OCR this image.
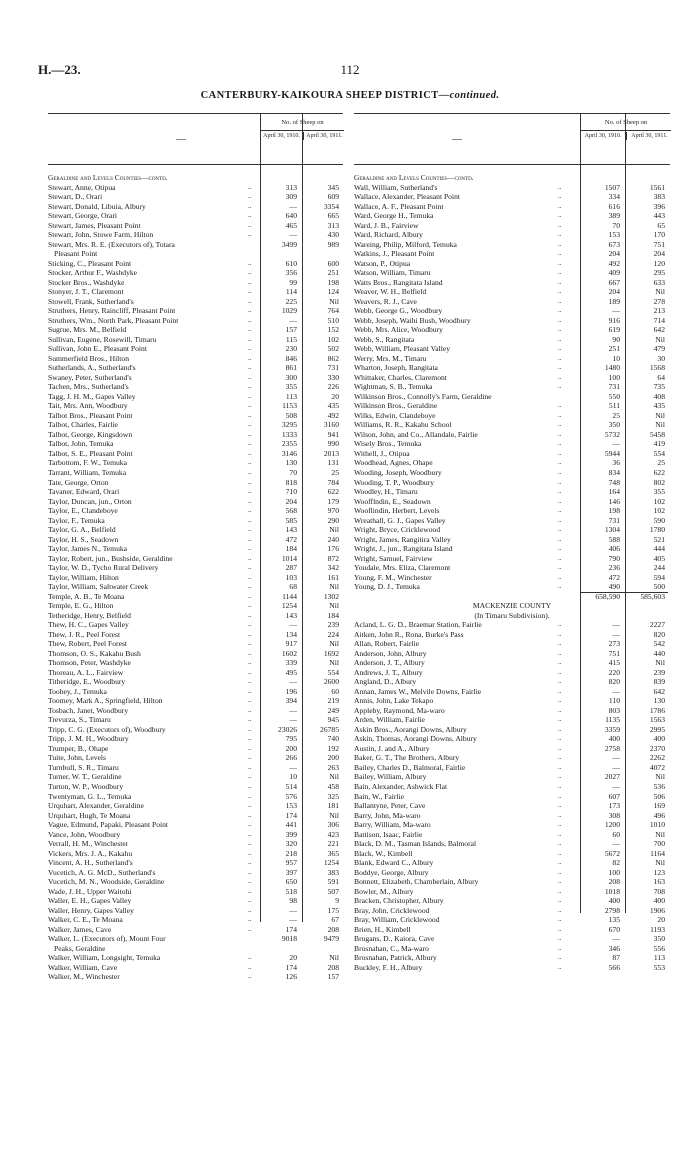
H.—23.	112
CANTERBURY-KAIKOURA SHEEP DISTRICT—continued.
—
No. of Sheep on
April 30, 1910.	April 30, 1911.
Geraldine and Levels Counties—contd.
Stewart, Anne, Otipua	..	313	345
Stewart, D., Orari	..	309	609
Stewart, Donald, Libuia, Albury	..	—	3354
Stewart, George, Orari	..	640	665
Stewart, James, Pleasant Point	..	465	313
Stewart, John, Stowe Farm, Hilton	..	—	430
Stewart, Mrs. R. E. (Executors of), Totara	3499	989
Pleasant Point
Sticking, C., Pleasant Point	..	610	600
Stocker, Arthur F., Washdyke	..	356	251
Stocker Bros., Washdyke	..	99	198
Stonyer, J. T., Claremont	..	114	124
Stowell, Frank, Sutherland's	..	225	Nil
Struthers, Henry, Raincliff, Pleasant Point	..	1029	764
Struthers, Wm., North Park, Pleasant Point	..	—	510
Sugrue, Mrs. M., Belfield	..	157	152
Sullivan, Eugene, Rosewill, Timaru	..	115	102
Sullivan, John E., Pleasant Point	..	230	502
Summerfield Bros., Hilton	..	846	862
Sutherlands, A., Sutherland's	..	861	731
Swaney, Peter, Sutherland's	..	300	330
Tachen, Mrs., Sutherland's	..	355	226
Tagg, J. H. M., Gapes Valley	..	113	20
Tait, Mrs. Ann, Woodbury	..	1153	435
Talbot Bros., Pleasant Point	..	508	492
Talbot, Charles, Fairlie	..	3295	3160
Talbot, George, Kingsdown	..	1333	941
Talbot, John, Temuka	..	2355	990
Talbot, S. E., Pleasant Point	..	3146	2013
Tarbottom, F. W., Temuka	..	130	131
Tarrant, William, Temuka	..	70	25
Tate, George, Orton	..	818	784
Tavaner, Edward, Orari	..	710	622
Taylor, Duncan, jun., Orton	..	204	179
Taylor, E., Clandeboye	..	568	970
Taylor, F., Temuka	..	585	290
Taylor, G. A., Belfield	..	143	Nil
Taylor, H. S., Seadown	..	472	240
Taylor, James N., Temuka	..	184	176
Taylor, Robert, jun., Bushside, Geraldine	..	1014	872
Taylor, W. D., Tycho Rural Delivery	..	287	342
Taylor, William, Hilton	..	103	161
Taylor, William, Saltwater Creek	..	68	Nil
Temple, A. B., Te Moana	..	1144	1302
Temple, E. G., Hilton	..	1254	Nil
Tetheridge, Henry, Belfield	..	143	184
Thew, H. C., Gapes Valley	..	—	239
Thew, J. R., Peel Forest	..	134	224
Thew, Robert, Peel Forest	..	917	Nil
Thomson, O. S., Kakahu Bush	..	1602	1692
Thomson, Peter, Washdyke	..	339	Nil
Thoreau, A. L., Fairview	..	495	554
Titheridge, E., Woodbury	..	—	2600
Toohey, J., Temuka	..	196	60
Toomey, Mark A., Springfield, Hilton	..	394	219
Tosbach, Janet, Woodbury	..	—	249
Trevurza, S., Timaru	..	—	945
Tripp, C. G. (Executors of), Woodbury	..	23026	26785
Tripp, J. M. H., Woodbury	..	795	740
Trumper, B., Ohape	..	200	192
Tuite, John, Levels	..	266	200
Turnbull, S. R., Timaru	..	—	263
Turner, W. T., Geraldine	..	10	Nil
Turton, W. P., Woodbury	..	514	458
Twentyman, G. L., Temuka	..	576	325
Urquhart, Alexander, Geraldine	..	153	181
Urquhart, Hugh, Te Moana	..	174	Nil
Vague, Edmund, Papaki, Pleasant Point	..	441	306
Vance, John, Woodbury	..	399	423
Verrall, H. M., Winchester	..	320	221
Vickers, Mrs. J. A., Kakahu	..	218	365
Vincent, A. H., Sutherland's	..	957	1254
Vucetich, A. G. McD., Sutherland's	..	397	383
Vucetich, M. N., Woodside, Geraldine	..	650	591
Wade, J. H., Upper Waitohi	..	518	507
Waller, E. H., Gapes Valley	..	98	9
Waller, Henry, Gapes Valley	..	—	175
Walker, C. E., Te Moana	..	—	67
Walker, James, Cave	..	174	208
Walker, L. (Executors of), Mount Four	9018	9479
Peaks, Geraldine
Walker, William, Longsight, Temuka	..	20	Nil
Walker, William, Cave	..	174	208
Walker, M., Winchester	..	126	157
—
No. of Sheep on
April 30, 1910.	April 30, 1911.
Geraldine and Levels Counties—contd.
Wall, William, Sutherland's	..	1507	1561
Wallace, Alexander, Pleasant Point	..	334	383
Wallace, A. F., Pleasant Point	..	616	396
Ward, George H., Temuka	..	389	443
Ward, J. B., Fairview	..	70	65
Ward, Richard, Albury	..	153	170
Wareing, Philip, Milford, Temuka	..	673	751
Watkins, J., Pleasant Point	..	204	204
Watson, P., Otipua	..	492	120
Watson, William, Timaru	..	409	295
Watts Bros., Rangitata Island	..	667	633
Weaver, W. H., Belfield	..	204	Nil
Weavers, R. J., Cave	..	189	278
Webb, George G., Woodbury	..	—	213
Webb, Joseph, Waihi Bush, Woodbury	..	916	714
Webb, Mrs. Alice, Woodbury	..	619	642
Webb, S., Rangitata	..	90	Nil
Webb, William, Pleasant Valley	..	251	479
Werry, Mrs. M., Timaru	..	10	30
Wharton, Joseph, Rangitata	..	1480	1568
Whittaker, Charles, Claremont	..	100	64
Wightman, S. B., Temuka	..	731	735
Wilkinson Bros., Connolly's Farm, Geraldine	550	408
Wilkinson Bros., Geraldine	..	511	435
Wilks, Edwin, Clandeboye	..	25	Nil
Williams, R. R., Kakahu School	..	350	Nil
Wilson, John, and Co., Allandale, Fairlie	..	5732	5458
Wisely Bros., Temuka	..	—	419
Withell, J., Otipua	..	5944	554
Woodhead, Agnes, Ohape	..	36	25
Wooding, Joseph, Woodbury	..	834	622
Wooding, T. P., Woodbury	..	748	802
Woodley, H., Timaru	..	164	355
Woofflndin, E., Seadown	..	146	102
Wooflindin, Herbert, Levels	..	198	102
Wreathall, G. J., Gapes Valley	..	731	590
Wright, Bryce, Cricklewood	..	1304	1780
Wright, James, Rangitira Valley	..	588	521
Wright, J., jun., Rangitata Island	..	406	444
Wright, Samuel, Fairview	..	790	405
Youdale, Mrs. Eliza, Claremont	..	236	244
Young, F. M., Winchester	..	472	594
Young, D. J., Temuka	..	490	500
658,590	585,603
MACKENZIE COUNTY
(In Timaru Subdivision).
Acland, L. G. D., Braemar Station, Fairlie	..	—	2227
Aitken, John R., Rona, Burke's Pass	..	—	820
Allan, Robert, Fairlie	..	273	542
Anderson, John, Albury	..	751	440
Anderson, J. T., Albury	..	415	Nil
Andrews, J. T., Albury	..	220	239
Angland, D., Albury	..	820	839
Annan, James W., Melvile Downs, Fairlie	..	—	642
Annis, John, Lake Tekapo	..	110	130
Appleby, Raymond, Ma-waro	..	803	1786
Arden, William, Fairlie	..	1135	1563
Askin Bros., Aorangi Downs, Albury	..	3359	2995
Askin, Thomas, Aorangi Downs, Albury	..	400	400
Austin, J. and A., Albury	..	2758	2370
Baker, G. T., The Brothers, Albury	..	—	2262
Bailey, Charles D., Balmoral, Fairlie	..	—	4072
Bailey, William, Albury	..	2027	Nil
Bain, Alexander, Ashwick Flat	..	—	536
Bain, W., Fairlie	..	607	506
Ballantyne, Peter, Cave	..	173	169
Barry, John, Ma-waro	..	308	496
Barry, William, Ma-waro	..	1200	1010
Battison, Isaac, Fairlie	..	60	Nil
Black, D. M., Tasman Islands, Balmoral	..	—	700
Black, W., Kimbell	..	5672	1164
Blank, Edward C., Albury	..	82	Nil
Boddye, George, Albury	..	100	123
Bonnett, Elizabeth, Chamberlain, Albury	..	208	163
Bowler, M., Albury	..	1018	708
Bracken, Christopher, Albury	..	400	400
Bray, John, Cricklewood	..	2798	1906
Bray, William, Cricklewood	..	135	20
Brien, H., Kimbell	..	670	1193
Brugans, D., Kaiora, Cave	..	—	350
Brosnahan, C., Ma-waro	..	346	556
Brosnahan, Patrick, Albury	..	87	113
Buckley, F. H., Albury	..	566	553
